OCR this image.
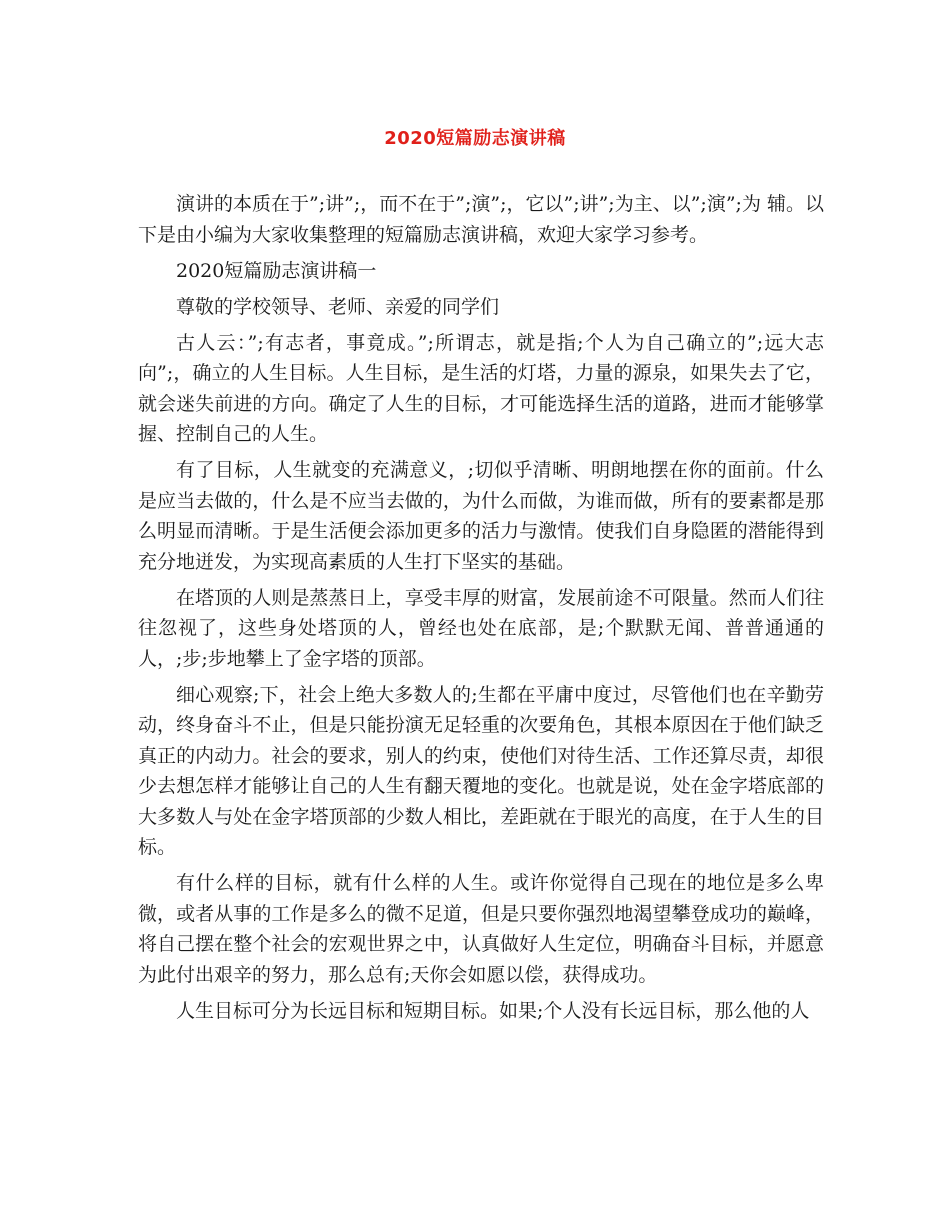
2020短篇励志演讲稿

演讲的本质在于”;讲”;，而不在于”;演”;，它以”;讲”;为主、以”;演”;为 辅。以下是由小编为大家收集整理的短篇励志演讲稿，欢迎大家学习参考。

2020短篇励志演讲稿一

尊敬的学校领导、老师、亲爱的同学们

古人云：”;有志者，事竟成。”;所谓志，就是指;个人为自己确立的”;远大志向”;，确立的人生目标。人生目标，是生活的灯塔，力量的源泉，如果失去了它，就会迷失前进的方向。确定了人生的目标，才可能选择生活的道路，进而才能够掌握、控制自己的人生。

有了目标，人生就变的充满意义，;切似乎清晰、明朗地摆在你的面前。什么是应当去做的，什么是不应当去做的，为什么而做，为谁而做，所有的要素都是那么明显而清晰。于是生活便会添加更多的活力与激情。使我们自身隐匿的潜能得到充分地迸发，为实现高素质的人生打下坚实的基础。

在塔顶的人则是蒸蒸日上，享受丰厚的财富，发展前途不可限量。然而人们往往忽视了，这些身处塔顶的人，曾经也处在底部，是;个默默无闻、普普通通的人，;步;步地攀上了金字塔的顶部。

细心观察;下，社会上绝大多数人的;生都在平庸中度过，尽管他们也在辛勤劳动，终身奋斗不止，但是只能扮演无足轻重的次要角色，其根本原因在于他们缺乏真正的内动力。社会的要求，别人的约束，使他们对待生活、工作还算尽责，却很少去想怎样才能够让自己的人生有翻天覆地的变化。也就是说，处在金字塔底部的大多数人与处在金字塔顶部的少数人相比，差距就在于眼光的高度，在于人生的目标。

有什么样的目标，就有什么样的人生。或许你觉得自己现在的地位是多么卑微，或者从事的工作是多么的微不足道，但是只要你强烈地渴望攀登成功的巅峰，将自己摆在整个社会的宏观世界之中，认真做好人生定位，明确奋斗目标，并愿意为此付出艰辛的努力，那么总有;天你会如愿以偿，获得成功。

人生目标可分为长远目标和短期目标。如果;个人没有长远目标，那么他的人
